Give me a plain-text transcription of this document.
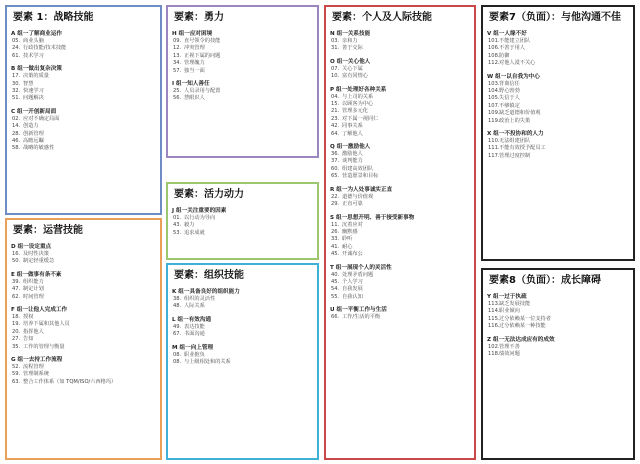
要素 1：战略技能
A 组一了解商业运作
05. 商业头脑
24. 行政技能/技术技能
61. 技术学习
B 组一做出复杂决策
17. 决策的质量
30. 智慧
32. 快速学习
51. 问题解决
C 组一开创新局面
02. 应对不确定局面
14. 创造力
28. 创新管理
46. 高瞻远瞩
58. 战略的敏感性
要素：运营技能
D 组一设定重点
16. 及时性决策
50. 制定轻重缓急
E 组一做事有条不紊
39. 组织能力
47. 制定计划
62. 时间管理
F 组一让他人完成工作
18. 授权
19. 培养下属和其他人员
20. 指挥他人
27. 告知
35. 工作的管理与衡量
G 组一去持工作流程
52. 流程管理
59. 管理制系统
63. 整合工作体系（如 TQM/ISO/六西格玛）
要素：勇力
H 组一应对困境
09. 直号领令的技能
12. 冲突管理
13. 正视下属的问题
34. 管理魄力
57. 独当一面
I 组一知人善任
25. 人员录用与配置
56. 慧眼识人
要素：活力动力
J 组一关注重要的因素
01. 以行动为导向
43. 毅力
53. 追求成就
要素：组织技能
K 组一具备良好的组织能力
38. 组织的灵活性
48. 人际关系
L 组一有效沟通
49. 表达技能
67. 书面沟通
M 组一向上管理
08. 职业抱负
08. 与上级相处和的关系
要素：个人及人际技能
N 组一关系技能
03. 亲和力
31. 善于交际
O 组一关心他人
07. 关心下属
10. 富有同情心
P 组一处理好各种关系
04. 与上司的关系
15. 以顾客为中心
21. 管理多元化
23. 对下属一视同仁
42. 同事关系
64. 了解他人
Q 组一激励他人
36. 激励他人
37. 谈判能力
60. 组建高效团队
65. 营造愿景和目标
R 组一为人处事诚实正直
22. 道德与价值观
29. 正直可靠
S 组一思想开明、善于接受新事物
11. 沉着应对
26. 幽默感
33. 聆听
41. 耐心
45. 开诚布公
T 组一展现个人的灵活性
40. 处理矛盾问题
45. 个人学习
54. 自我发展
55. 自我认知
U 组一平衡工作与生活
66. 工作/生活的平衡
要素7（负面）：与他沟通不佳
V 组一人缘不好
101.不能建立团队
106.不善于用人
108.防御
112.对他人漠不关心
W 组一以自我为中心
103.背离信任
104.野心勃勃
105.失信于人
107.不够镇定
109.缺乏道德和价值观
119.政治上的失策
X 组一不投协和的人力
110.无法组建团队
111.不能有效授予配员工
117.管理过度控制
要素8（负面）：成长障碍
Y 组一过于执疏
113.缺乏发展技能
114.职业倾向
115.过分依赖某一位支持者
116.过分依赖某一种技能
Z 组一无法达成应有的成效
102.管理不善
118.绩效问题
